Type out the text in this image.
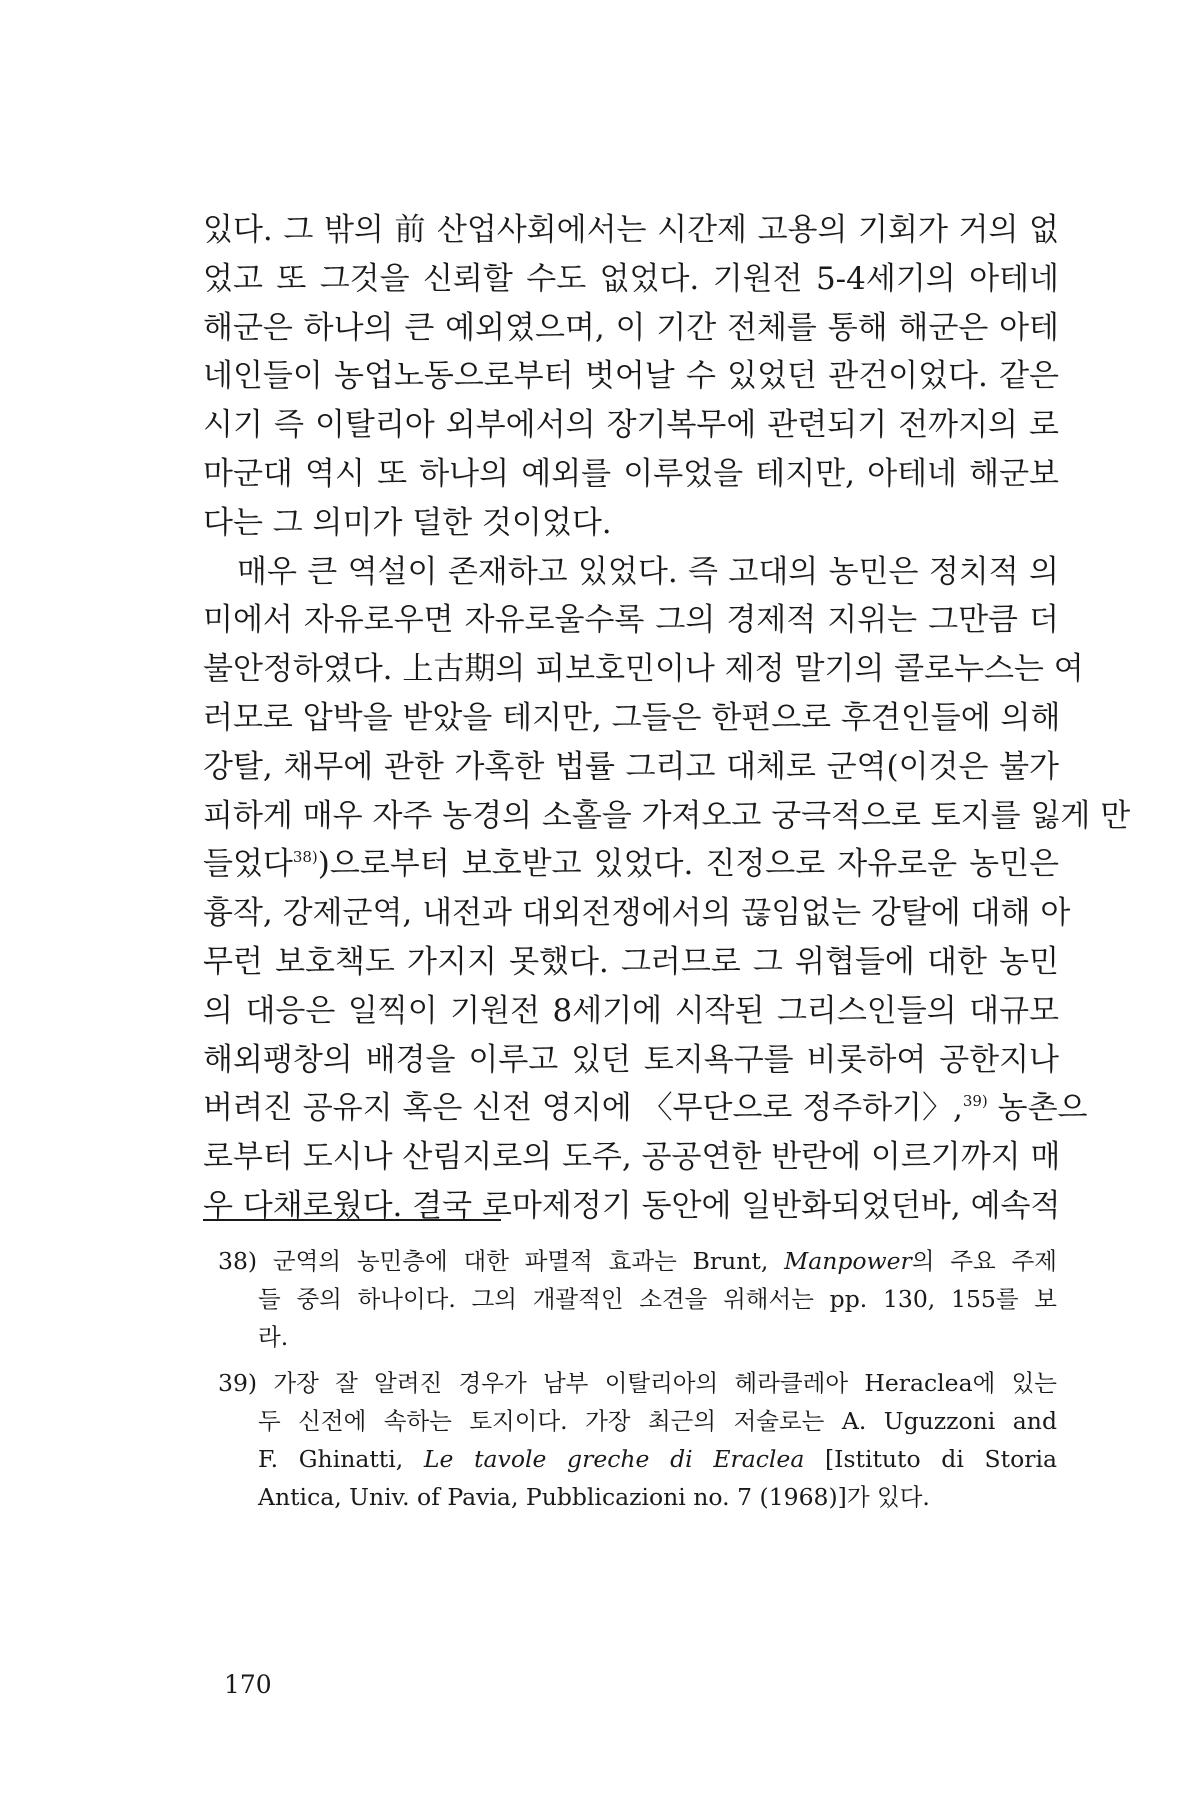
있다. 그 밖의 前 산업사회에서는 시간제 고용의 기회가 거의 없
었고 또 그것을 신뢰할 수도 없었다. 기원전 5-4세기의 아테네
해군은 하나의 큰 예외였으며, 이 기간 전체를 통해 해군은 아테
네인들이 농업노동으로부터 벗어날 수 있었던 관건이었다. 같은
시기 즉 이탈리아 외부에서의 장기복무에 관련되기 전까지의 로
마군대 역시 또 하나의 예외를 이루었을 테지만, 아테네 해군보
다는 그 의미가 덜한 것이었다.
매우 큰 역설이 존재하고 있었다. 즉 고대의 농민은 정치적 의
미에서 자유로우면 자유로울수록 그의 경제적 지위는 그만큼 더
불안정하였다. 上古期의 피보호민이나 제정 말기의 콜로누스는 여
러모로 압박을 받았을 테지만, 그들은 한편으로 후견인들에 의해
강탈, 채무에 관한 가혹한 법률 그리고 대체로 군역(이것은 불가
피하게 매우 자주 농경의 소홀을 가져오고 궁극적으로 토지를 잃게 만
들었다$^{38)}$)으로부터 보호받고 있었다. 진정으로 자유로운 농민은
흉작, 강제군역, 내전과 대외전쟁에서의 끊임없는 강탈에 대해 아
무런 보호책도 가지지 못했다. 그러므로 그 위협들에 대한 농민
의 대응은 일찍이 기원전 8세기에 시작된 그리스인들의 대규모
해외팽창의 배경을 이루고 있던 토지욕구를 비롯하여 공한지나
버려진 공유지 혹은 신전 영지에 〈무단으로 정주하기〉,$^{39)}$ 농촌으
로부터 도시나 산림지로의 도주, 공공연한 반란에 이르기까지 매
우 다채로웠다. 결국 로마제정기 동안에 일반화되었던바, 예속적
38) 군역의 농민층에 대한 파멸적 효과는 Brunt, Manpower의 주요 주제
들 중의 하나이다. 그의 개괄적인 소견을 위해서는 pp. 130, 155를 보
라.
39) 가장 잘 알려진 경우가 남부 이탈리아의 헤라클레아 Heraclea에 있는
두 신전에 속하는 토지이다. 가장 최근의 저술로는 A. Uguzzoni and
F. Ghinatti, Le tavole greche di Eraclea [Istituto di Storia
Antica, Univ. of Pavia, Pubblicazioni no. 7 (1968)]가 있다.
170
